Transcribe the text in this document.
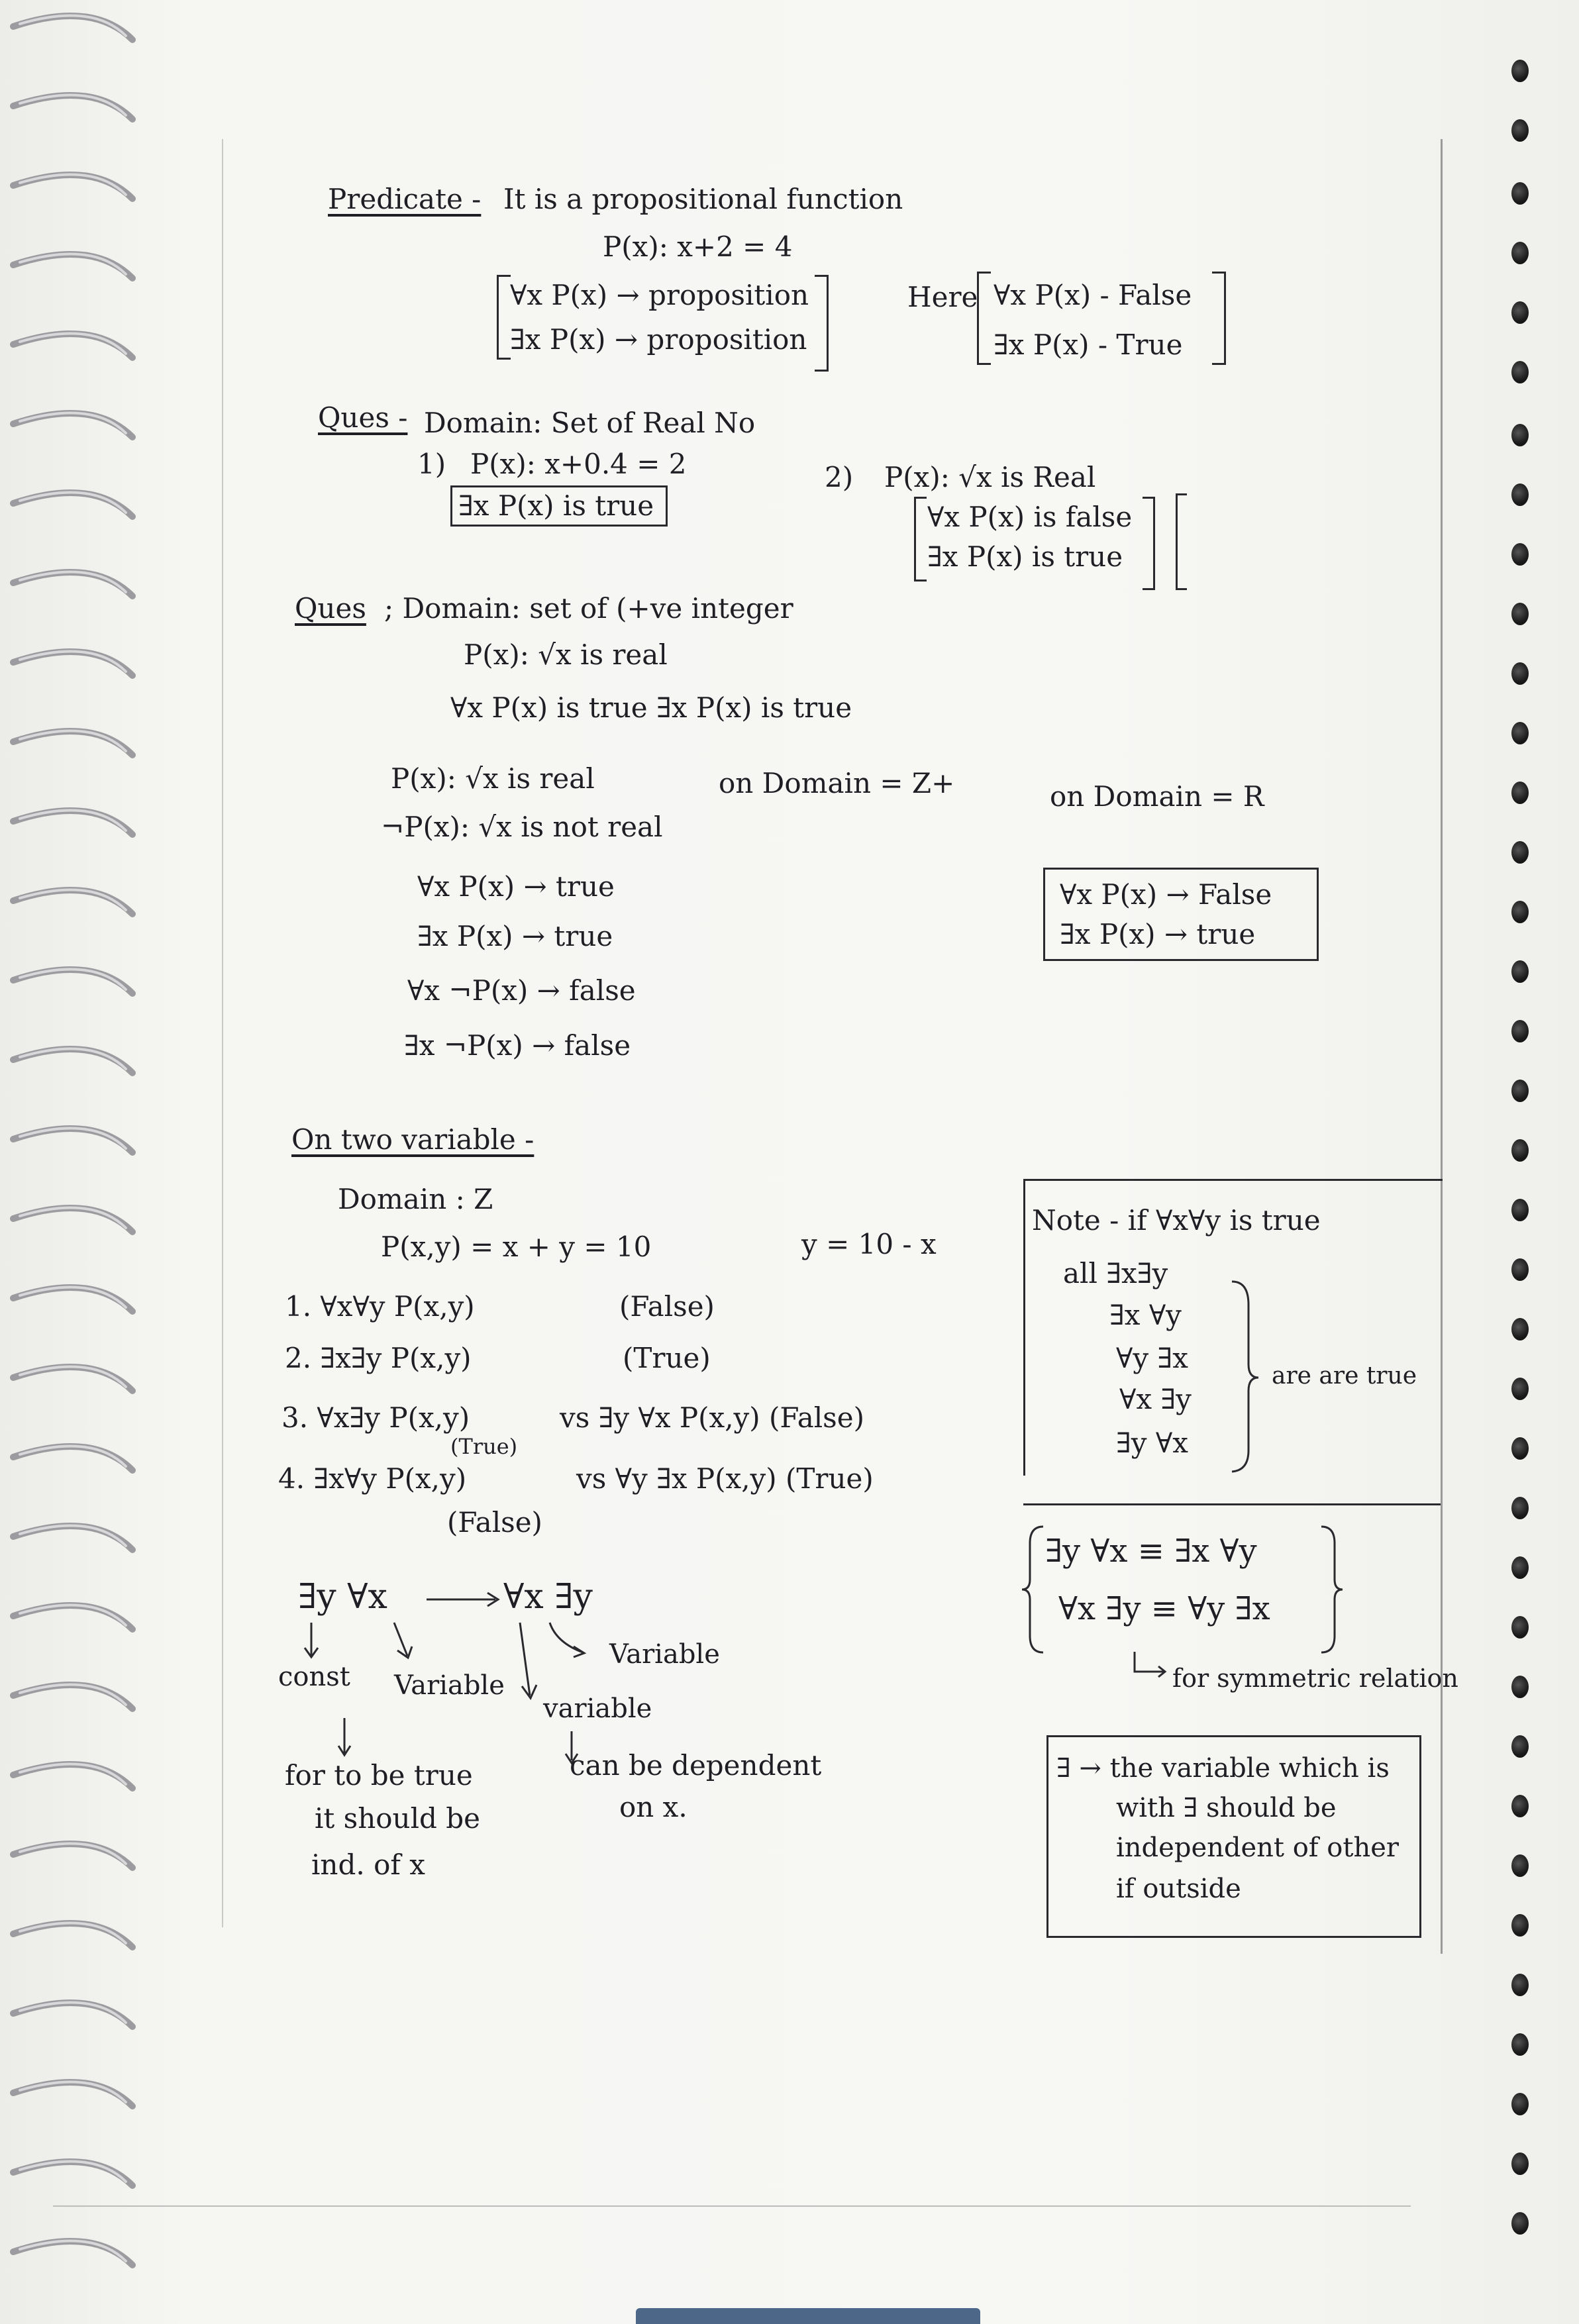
Predicate - It is a propositional function
P(x): x+2 = 4
∀x P(x) → proposition
∃x P(x) → proposition
Here ∀x P(x) - False
∃x P(x) - True
Ques - Domain: Set of Real No
1) P(x): x+0.4 = 2
∃x P(x) is true
2) P(x): √x is Real
∀x P(x) is false
∃x P(x) is true
Ques ; Domain: set of (+ve integer
P(x): √x is real
∀x P(x) is true ∃x P(x) is true
P(x): √x is real
¬P(x): √x is not real
on Domain = Z+	on Domain = R
∀x P(x) → true
∃x P(x) → true
∀x ¬P(x) → false
∃x ¬P(x) → false
∀x P(x) → False
∃x P(x) → true
On two variable -
Domain : Z
P(x,y) = x + y = 10	y = 10 - x
1. ∀x∀y P(x,y)	(False)
2. ∃x∃y P(x,y)	(True)
3. ∀x∃y P(x,y)
(True)
vs ∃y ∀x P(x,y) (False)
4. ∃x∀y P(x,y)
(False)
vs ∀y ∃x P(x,y) (True)
Note - if ∀x∀y is true
all ∃x∃y
∃x ∀y
∀y ∃x
∀x ∃y
∃y ∀x
are are true
∃y ∀x ≡ ∃x ∀y
∀x ∃y ≡ ∀y ∃x
for symmetric relation
∃ → the variable which is
with ∃ should be
independent of other
if outside
∃y ∀x	∀x ∃y
const Variable
variable
Variable
for to be true
it should be
ind. of x
can be dependent
on x.
